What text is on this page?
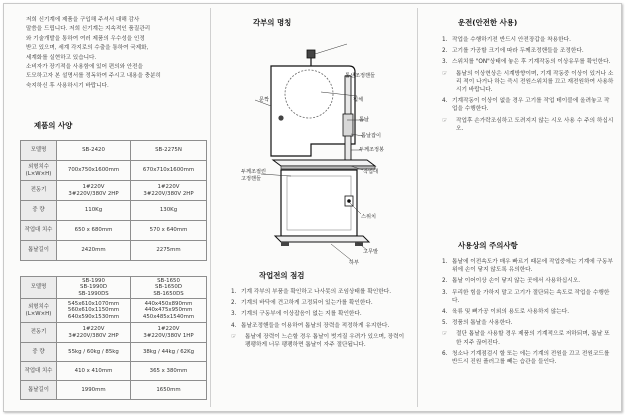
저희 신기계에 제품을 구입해 주셔서 대해 감사

말씀을 드립니다. 저희 신기계는 지속적인 품질관리

와 기술개발을 통하여 여러 제품의 우수성을 인정

받고 있으며, 세계 각지로의 수출을 통하여 국제화,

세계화를 실현하고 있습니다.

소비자가 장기적을 사용함에 있어 편의와 안전을

도모하고자 본 설명서를 정독하여 주시고 내용을 충분히

숙지하신 후 사용하시기 바랍니다.

제품의 사양
모델명	SB-2420	SB-2275N

외형치수 (L×W×H)	700x750x1600mm	670x710x1600mm

전동기	1#220V
3#220V/380V 2HP	1#220V
3#220V/380V 2HP

중 량	110Kg	130Kg

작업대 치수	650 x 680mm	570 x 640mm

톱날길이	2420mm	2275mm
모델명	SB-1990
SB-1990D
SB-1990DS	SB-1650
SB-1650D
SB-1650DS

외형치수 (L×W×H)	545x610x1070mm
560x610x1150mm
640x590x1530mm	440x450x890mm
440x475x950mm
450x485x1540mm

전동기	1#220V
3#220V/380V 2HP	1#220V
3#220V/380V 1HP

중 량	55kg / 60kg / 85kg	38kg / 44kg / 62Kg

작업대 치수	410 x 410mm	365 x 380mm

톱날길이	1990mm	1650mm
각부의 명칭
톱샌조정핸들
문짝	휠체
톱날
톱날잡이
두께조정봉
두께조절린
고정핸들
작업대
스위치
고무발
하부
작업전의 점검
1. 기계 각부의 부품을 확인하고 나사못의 조임상태를 확인한다.
2. 기계의 바닥에 견고하게 고정되어 있는가를 확인한다.
3. 기계의 구동부에 이상잡음이 없는 지를 확인한다.
4. 톱날조정핸들을 이용하여 톱날의 장력을 적정하게 유지한다.
☞ 톱날에 장력이 느슨할 경우 톱날이 벗겨질 우려가 있으며, 장력이 팽팽하게 너무 팽팽하면 톱날이 자주 절단됩니다.
운전(안전한 사용)
1. 작업을 수행하기전 반드시 안전장갑을 착용한다.
2. 고기를 가공할 크기에 따라 두께조정핸들을 조정한다.
3. 스위치를 "ON"상태에 놓은 후 기계작동의 이상유무를 확인한다.
☞ 톱날의 이상현상은 시계방향이며, 기계 작동중 이상이 있거나 소리 적이 나거나 하는 즉시 전원스위치를 끄고 재전원하여 사용하시기 바랍니다.
4. 기계작동이 이상이 없을 경우 고기를 작업 테이블에 올려놓고 작업을 수행한다.
☞ 작업후 손가락조심하고 도려지지 않는 시오 사용 수 주의 하십시오.
사용상의 주의사항
1. 톱날에 이전속도가 매우 빠르기 때문에 작업중에는 기계에 구동부위에 손이 닿지 않도록 유의한다.
2. 톱날 이어이상 손이 닿지 않는 곳에서 사용하십시오.
3. 무리한 힘을 가하지 말고 고기가 절단되는 속도로 작업을 수행한다.
4. 육류 및 뼈가공 이외의 용도로 사용하지 않는다.
5. 정품의 톱날을 사용한다.
☞ 절단 톱날을 사용할 경우 제품의 기계적으로 저하되며, 톱날 또한 지주 끊어진다.
6. 청소나 기계점검시 할 또는 에는 기계의 전원을 끄고 전원코드를 반드시 진원 플러그를 빼는 습관을 들인다.
